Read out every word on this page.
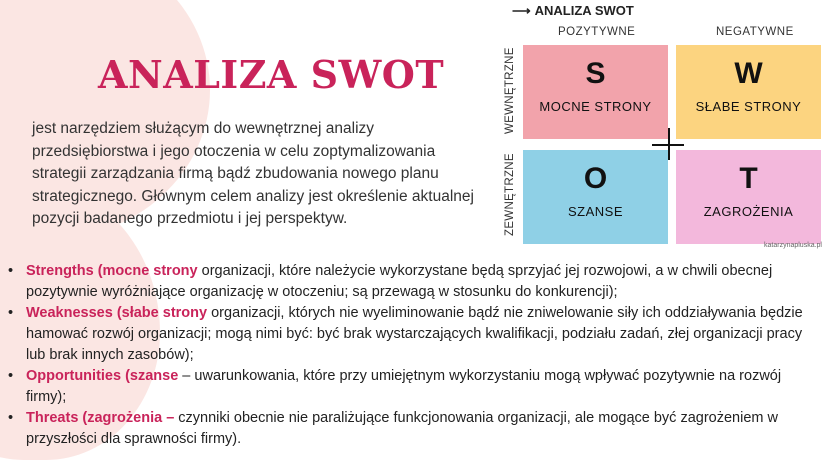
ANALIZA SWOT
jest narzędziem służącym do wewnętrznej analizy przedsiębiorstwa i jego otoczenia w celu zoptymalizowania strategii zarządzania firmą bądź zbudowania nowego planu strategicznego. Głównym celem analizy jest określenie aktualnej pozycji badanego przedmiotu i jej perspektyw.
⟶ ANALIZA SWOT
POZYTYWNE	NEGATYWNE
WEWNĘTRZNE
ZEWNĘTRZNE
S
MOCNE STRONY
W
SŁABE STRONY
O
SZANSE
T
ZAGROŻENIA
katarzynapluska.pl
• Strengths (mocne strony organizacji, które należycie wykorzystane będą sprzyjać jej rozwojowi, a w chwili obecnej pozytywnie wyróżniające organizację w otoczeniu; są przewagą w stosunku do konkurencji);
• Weaknesses (słabe strony organizacji, których nie wyeliminowanie bądź nie zniwelowanie siły ich oddziaływania będzie hamować rozwój organizacji; mogą nimi być: być brak wystarczających kwalifikacji, podziału zadań, złej organizacji pracy lub brak innych zasobów);
• Opportunities (szanse – uwarunkowania, które przy umiejętnym wykorzystaniu mogą wpływać pozytywnie na rozwój firmy);
• Threats (zagrożenia – czynniki obecnie nie paraliżujące funkcjonowania organizacji, ale mogące być zagrożeniem w przyszłości dla sprawności firmy).
